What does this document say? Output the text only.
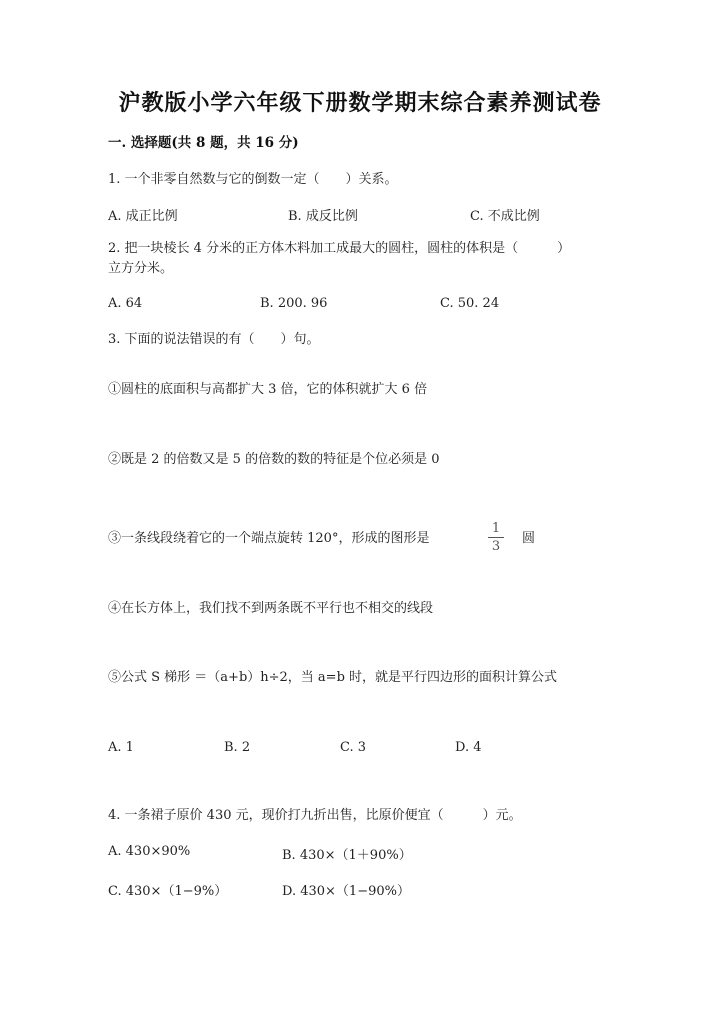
沪教版小学六年级下册数学期末综合素养测试卷
一. 选择题(共 8 题，共 16 分)
1. 一个非零自然数与它的倒数一定（　　）关系。
A. 成正比例	B. 成反比例	C. 不成比例
2. 把一块棱长 4 分米的正方体木料加工成最大的圆柱，圆柱的体积是（　　　）
立方分米。
A. 64	B. 200. 96	C. 50. 24
3. 下面的说法错误的有（　　）句。
①圆柱的底面积与高都扩大 3 倍，它的体积就扩大 6 倍
②既是 2 的倍数又是 5 的倍数的数的特征是个位必须是 0
③一条线段绕着它的一个端点旋转 120°，形成的图形是
1
3
圆
④在长方体上，我们找不到两条既不平行也不相交的线段
⑤公式 S 梯形 ＝（a+b）h÷2，当 a=b 时，就是平行四边形的面积计算公式
A. 1	B. 2	C. 3	D. 4
4. 一条裙子原价 430 元，现价打九折出售，比原价便宜（　　　）元。
A. 430×90%	B. 430×（1＋90%）
C. 430×（1−9%）	D. 430×（1−90%）
